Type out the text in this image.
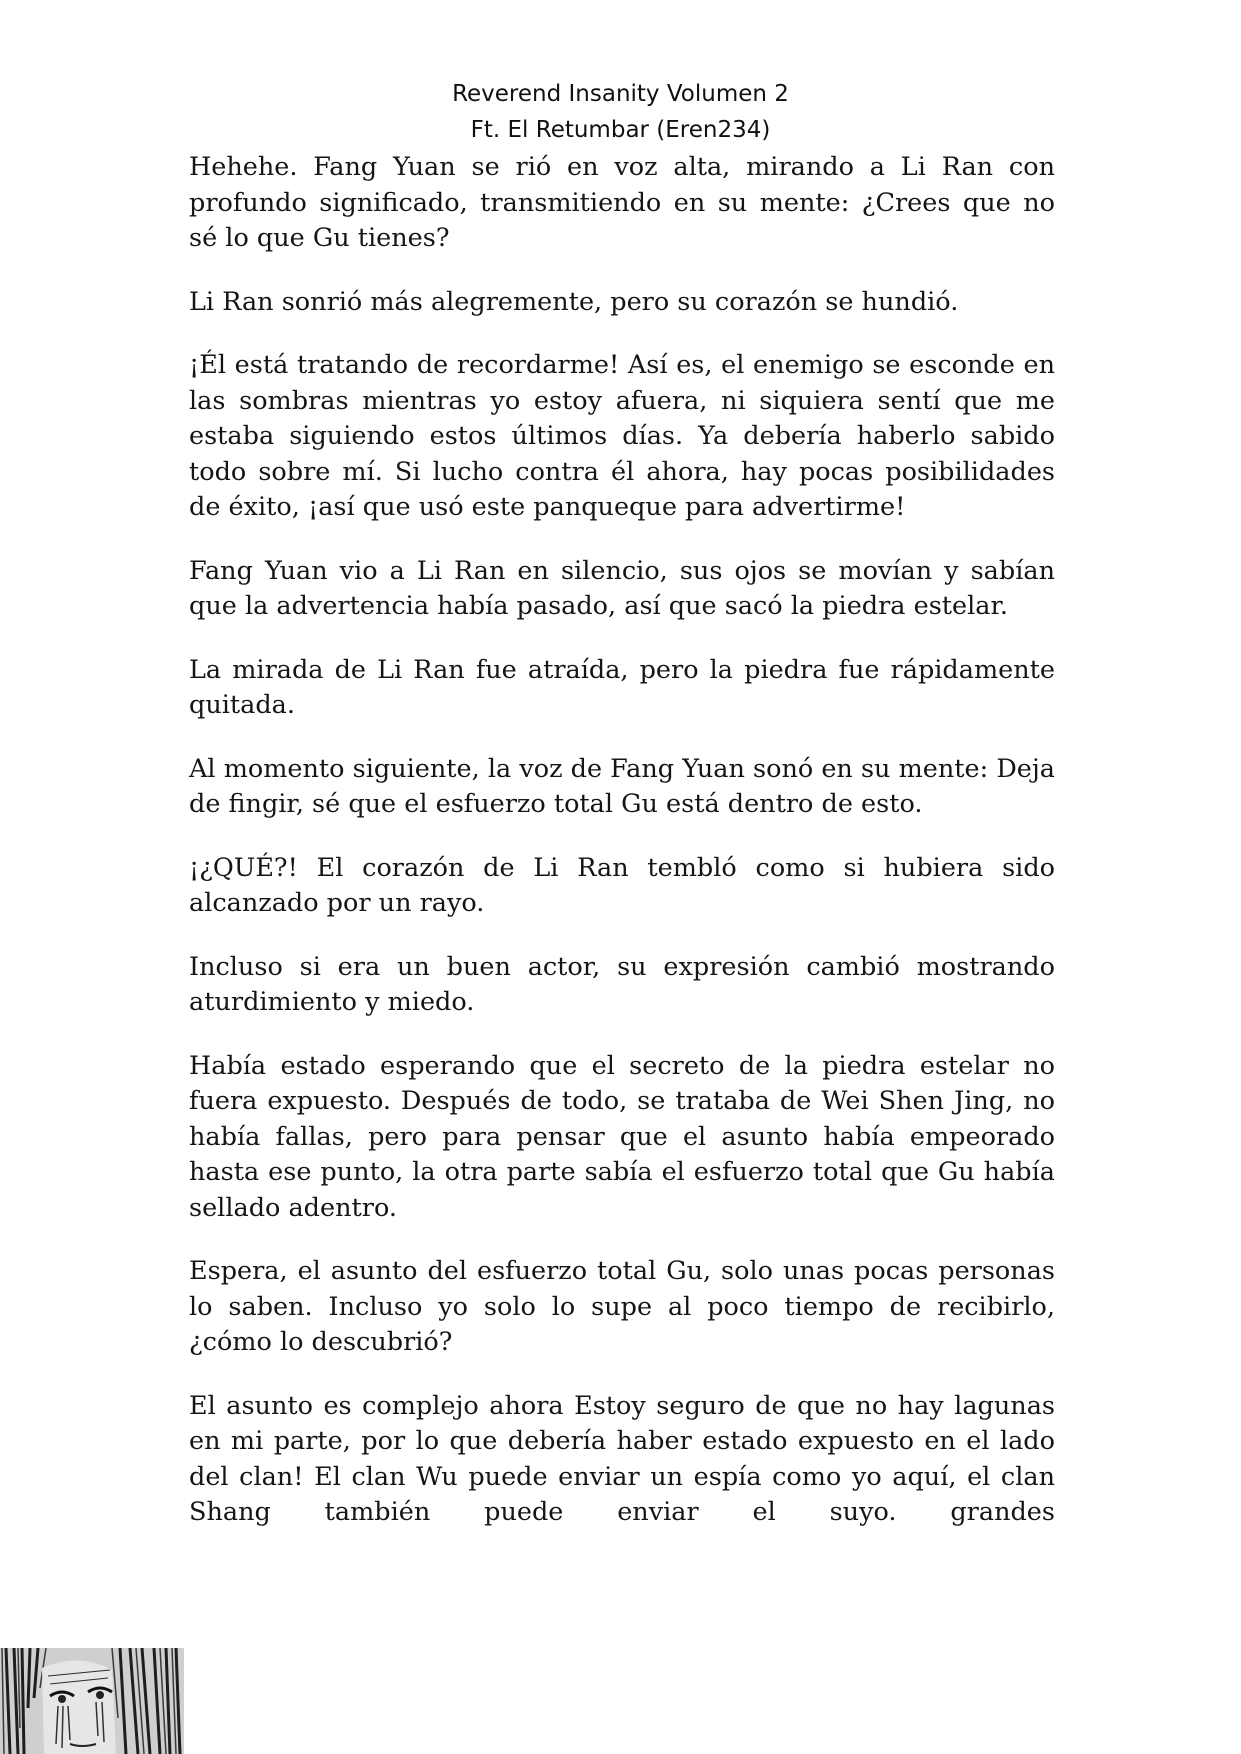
Reverend Insanity Volumen 2
Ft. El Retumbar (Eren234)

Hehehe. Fang Yuan se rió en voz alta, mirando a Li Ran con profundo significado, transmitiendo en su mente: ¿Crees que no sé lo que Gu tienes?

Li Ran sonrió más alegremente, pero su corazón se hundió.

¡Él está tratando de recordarme! Así es, el enemigo se esconde en las sombras mientras yo estoy afuera, ni siquiera sentí que me estaba siguiendo estos últimos días. Ya debería haberlo sabido todo sobre mí. Si lucho contra él ahora, hay pocas posibilidades de éxito, ¡así que usó este panqueque para advertirme!

Fang Yuan vio a Li Ran en silencio, sus ojos se movían y sabían que la advertencia había pasado, así que sacó la piedra estelar.

La mirada de Li Ran fue atraída, pero la piedra fue rápidamente quitada.

Al momento siguiente, la voz de Fang Yuan sonó en su mente: Deja de fingir, sé que el esfuerzo total Gu está dentro de esto.

¡¿QUÉ?! El corazón de Li Ran tembló como si hubiera sido alcanzado por un rayo.

Incluso si era un buen actor, su expresión cambió mostrando aturdimiento y miedo.

Había estado esperando que el secreto de la piedra estelar no fuera expuesto. Después de todo, se trataba de Wei Shen Jing, no había fallas, pero para pensar que el asunto había empeorado hasta ese punto, la otra parte sabía el esfuerzo total que Gu había sellado adentro.

Espera, el asunto del esfuerzo total Gu, solo unas pocas personas lo saben. Incluso yo solo lo supe al poco tiempo de recibirlo, ¿cómo lo descubrió?

El asunto es complejo ahora Estoy seguro de que no hay lagunas en mi parte, por lo que debería haber estado expuesto en el lado del clan! El clan Wu puede enviar un espía como yo aquí, el clan Shang también puede enviar el suyo. grandes
